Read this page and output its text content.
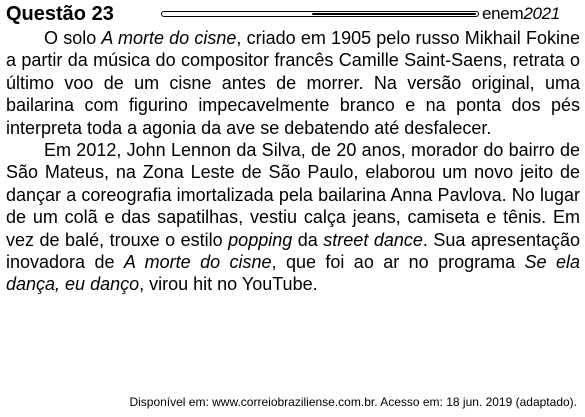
Questão 23	enem2021

O solo A morte do cisne, criado em 1905 pelo russo Mikhail Fokine a partir da música do compositor francês Camille Saint-Saens, retrata o último voo de um cisne antes de morrer. Na versão original, uma bailarina com figurino impecavelmente branco e na ponta dos pés interpreta toda a agonia da ave se debatendo até desfalecer.

Em 2012, John Lennon da Silva, de 20 anos, morador do bairro de São Mateus, na Zona Leste de São Paulo, elaborou um novo jeito de dançar a coreografia imortalizada pela bailarina Anna Pavlova. No lugar de um colã e das sapatilhas, vestiu calça jeans, camiseta e tênis. Em vez de balé, trouxe o estilo popping da street dance. Sua apresentação inovadora de A morte do cisne, que foi ao ar no programa Se ela dança, eu danço, virou hit no YouTube.

Disponível em: www.correiobraziliense.com.br. Acesso em: 18 jun. 2019 (adaptado).
